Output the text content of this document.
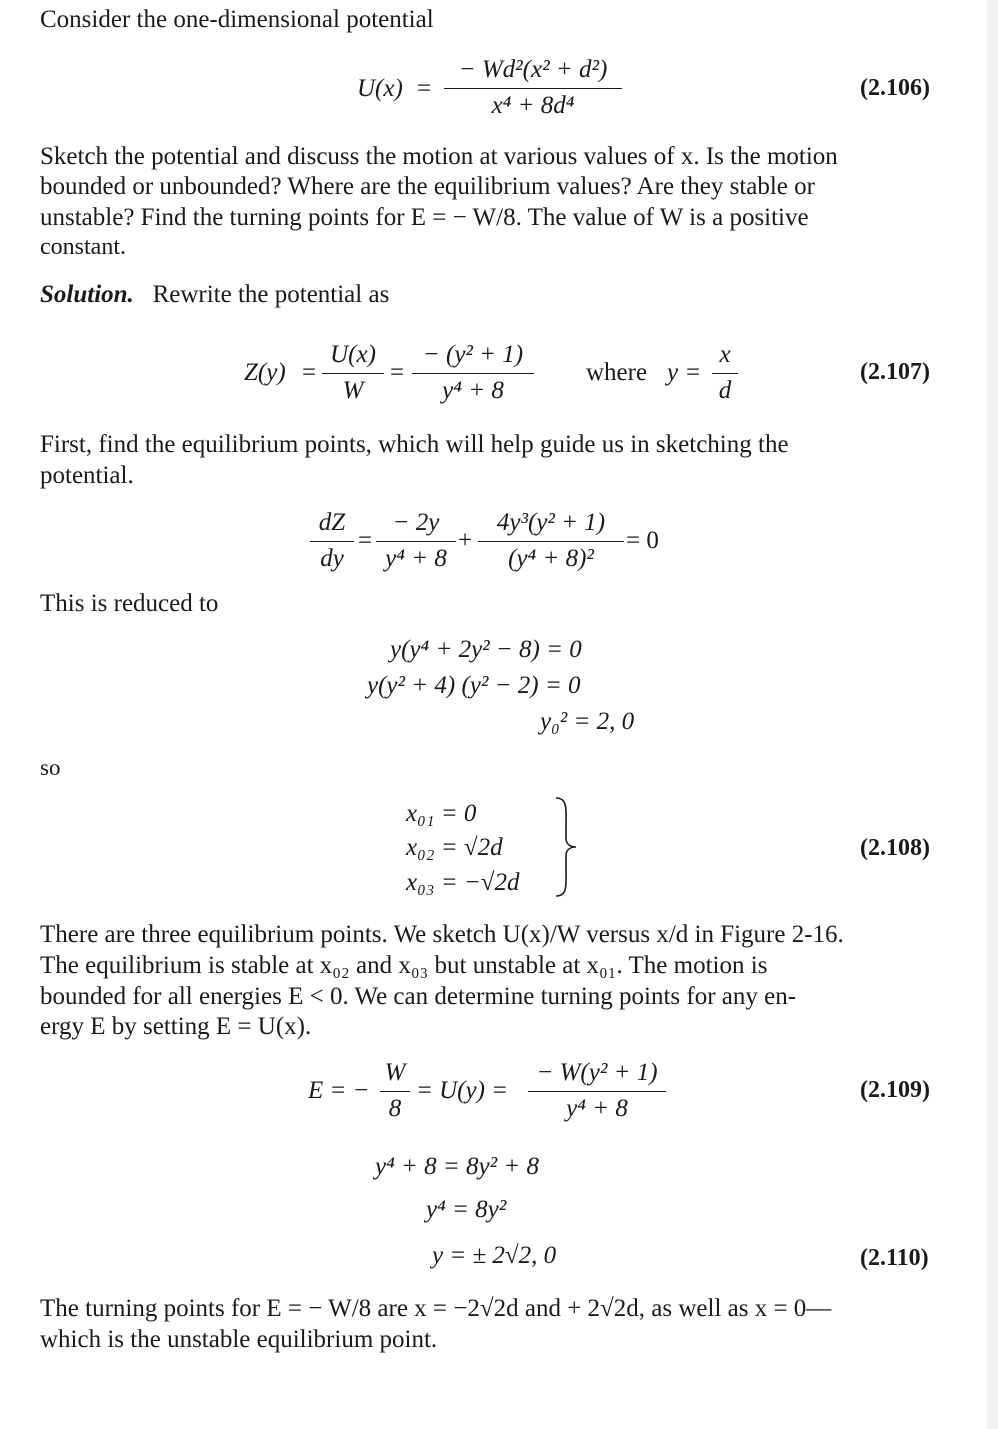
Consider the one-dimensional potential
$U(x) = \frac{\text{− Wd²(x² + d²)}}{\text{x⁴ + 8d⁴}}$	(2.106)
Sketch the potential and discuss the motion at various values of x. Is the motion
bounded or unbounded? Where are the equilibrium values? Are they stable or
unstable? Find the turning points for E = − W/8. The value of W is a positive
constant.
Solution. Rewrite the potential as
$Z(y) = \frac{U(x)}{W} = \frac{\text{− (y² + 1)}}{\text{y⁴ + 8}}$ where $y = \frac{x}{d}$	(2.107)
First, find the equilibrium points, which will help guide us in sketching the
potential.
$\frac{dZ}{dy} = \frac{- 2y}{\text{y⁴ + 8}} + \frac{\text{4y³(y² + 1)}}{\text{(y⁴ + 8)²}} = 0$
This is reduced to
y(y⁴ + 2y² − 8) = 0
y(y² + 4) (y² − 2) = 0
y₀² = 2, 0
so
x₀₁ = 0
x₀₂ = √2d
x₀₃ = −√2d
(2.108)
There are three equilibrium points. We sketch U(x)/W versus x/d in Figure 2-16.
The equilibrium is stable at x₀₂ and x₀₃ but unstable at x₀₁. The motion is
bounded for all energies E < 0. We can determine turning points for any en-
ergy E by setting E = U(x).
E = − $\frac{W}{8} = U(y) = \frac{\text{− W(y² + 1)}}{\text{y⁴ + 8}}$	(2.109)
y⁴ + 8 = 8y² + 8
y⁴ = 8y²
y = ± 2√2, 0	(2.110)
The turning points for E = − W/8 are x = −2√2d and + 2√2d, as well as x = 0—
which is the unstable equilibrium point.
